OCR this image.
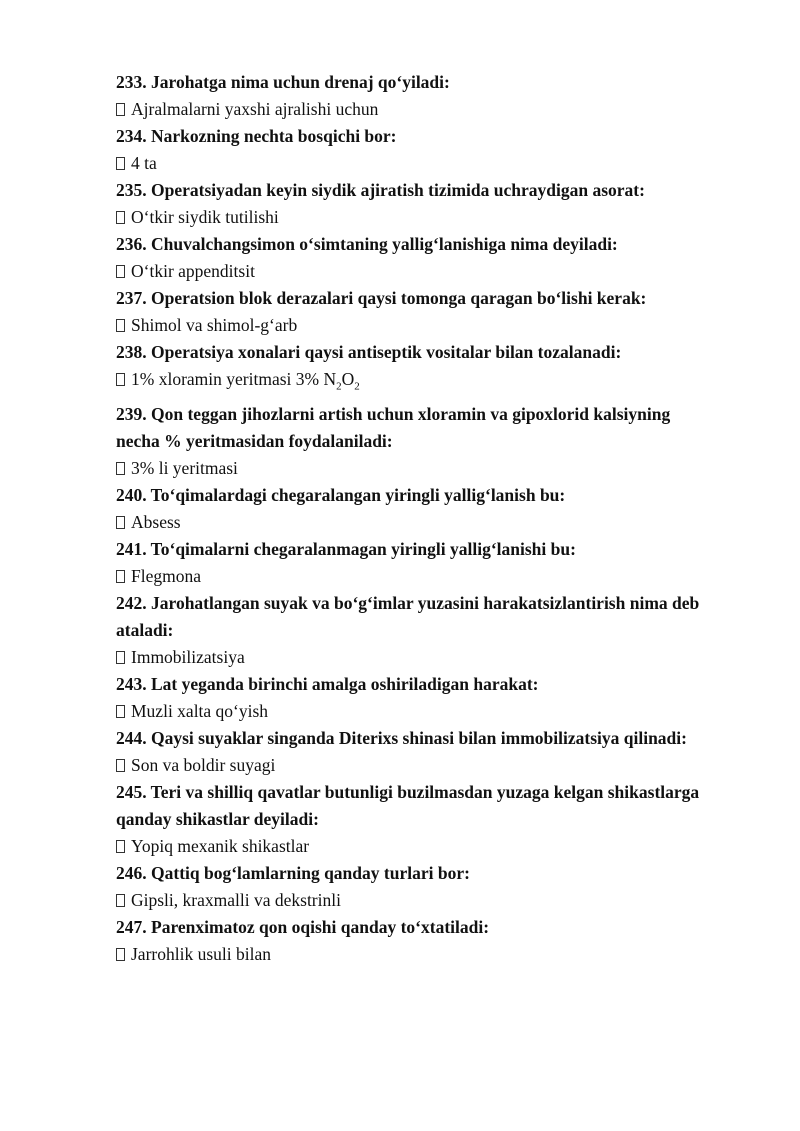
233. Jarohatga nima uchun drenaj qo‘yiladi:

Ajralmalarni yaxshi ajralishi uchun

234. Narkozning nechta bosqichi bor:

4 ta

235. Operatsiyadan keyin siydik ajiratish tizimida uchraydigan asorat:

O‘tkir siydik tutilishi

236. Chuvalchangsimon o‘simtaning yallig‘lanishiga nima deyiladi:

O‘tkir appenditsit

237. Operatsion blok derazalari qaysi tomonga qaragan bo‘lishi kerak:

Shimol va shimol-g‘arb

238. Operatsiya xonalari qaysi antiseptik vositalar bilan tozalanadi:

1% xloramin yeritmasi 3% $N_2O_2$

239. Qon teggan jihozlarni artish uchun xloramin va gipoxlorid kalsiyning necha % yeritmasidan foydalaniladi:

3% li yeritmasi

240. To‘qimalardagi chegaralangan yiringli yallig‘lanish bu:

Absess

241. To‘qimalarni chegaralanmagan yiringli yallig‘lanishi bu:

Flegmona

242. Jarohatlangan suyak va bo‘g‘imlar yuzasini harakatsizlantirish nima deb ataladi:

Immobilizatsiya

243. Lat yeganda birinchi amalga oshiriladigan harakat:

Muzli xalta qo‘yish

244. Qaysi suyaklar singanda Diterixs shinasi bilan immobilizatsiya qilinadi:

Son va boldir suyagi

245. Teri va shilliq qavatlar butunligi buzilmasdan yuzaga kelgan shikastlarga qanday shikastlar deyiladi:

Yopiq mexanik shikastlar

246. Qattiq bog‘lamlarning qanday turlari bor:

Gipsli, kraxmalli va dekstrinli

247. Parenximatoz qon oqishi qanday to‘xtatiladi:

Jarrohlik usuli bilan
